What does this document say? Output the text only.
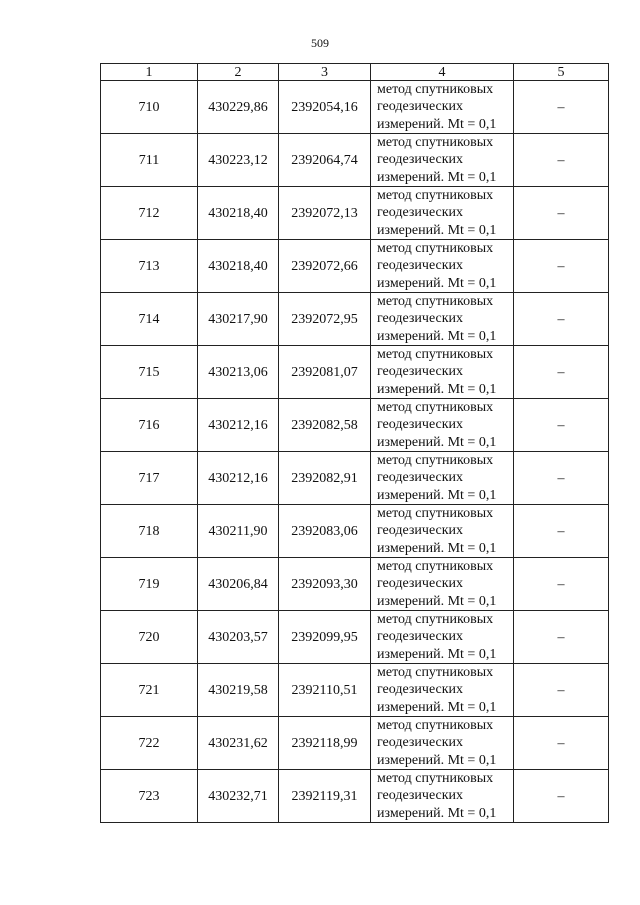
509
1	2	3	4	5
710	430229,86	2392054,16	метод спутниковых
геодезических
измерений. Mt = 0,1	–
711	430223,12	2392064,74	метод спутниковых
геодезических
измерений. Mt = 0,1	–
712	430218,40	2392072,13	метод спутниковых
геодезических
измерений. Mt = 0,1	–
713	430218,40	2392072,66	метод спутниковых
геодезических
измерений. Mt = 0,1	–
714	430217,90	2392072,95	метод спутниковых
геодезических
измерений. Mt = 0,1	–
715	430213,06	2392081,07	метод спутниковых
геодезических
измерений. Mt = 0,1	–
716	430212,16	2392082,58	метод спутниковых
геодезических
измерений. Mt = 0,1	–
717	430212,16	2392082,91	метод спутниковых
геодезических
измерений. Mt = 0,1	–
718	430211,90	2392083,06	метод спутниковых
геодезических
измерений. Mt = 0,1	–
719	430206,84	2392093,30	метод спутниковых
геодезических
измерений. Mt = 0,1	–
720	430203,57	2392099,95	метод спутниковых
геодезических
измерений. Mt = 0,1	–
721	430219,58	2392110,51	метод спутниковых
геодезических
измерений. Mt = 0,1	–
722	430231,62	2392118,99	метод спутниковых
геодезических
измерений. Mt = 0,1	–
723	430232,71	2392119,31	метод спутниковых
геодезических
измерений. Mt = 0,1	–
